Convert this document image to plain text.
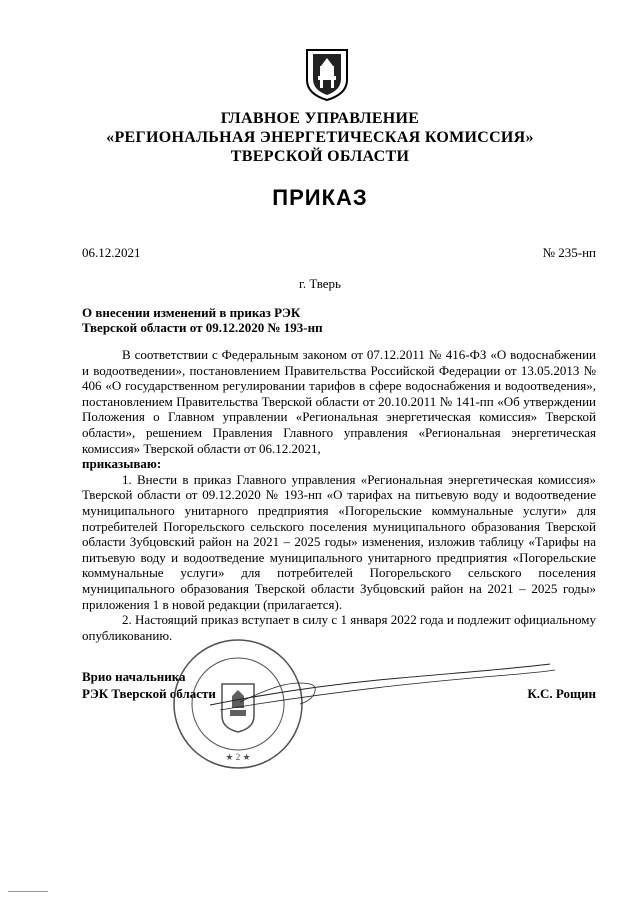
ГЛАВНОЕ УПРАВЛЕНИЕ
«РЕГИОНАЛЬНАЯ ЭНЕРГЕТИЧЕСКАЯ КОМИССИЯ»
ТВЕРСКОЙ ОБЛАСТИ
ПРИКАЗ
06.12.2021	№ 235-нп
г. Тверь
О внесении изменений в приказ РЭК
Тверской области от 09.12.2020 № 193-нп

В соответствии с Федеральным законом от 07.12.2011 № 416-ФЗ «О водоснабжении и водоотведении», постановлением Правительства Российской Федерации от 13.05.2013 № 406 «О государственном регулировании тарифов в сфере водоснабжения и водоотведения», постановлением Правительства Тверской области от 20.10.2011 № 141-пп «Об утверждении Положения о Главном управлении «Региональная энергетическая комиссия» Тверской области», решением Правления Главного управления «Региональная энергетическая комиссия» Тверской области от 06.12.2021,

приказываю:

1. Внести в приказ Главного управления «Региональная энергетическая комиссия» Тверской области от 09.12.2020 № 193-нп «О тарифах на питьевую воду и водоотведение муниципального унитарного предприятия «Погорельские коммунальные услуги» для потребителей Погорельского сельского поселения муниципального образования Тверской области Зубцовский район на 2021 – 2025 годы» изменения, изложив таблицу «Тарифы на питьевую воду и водоотведение муниципального унитарного предприятия «Погорельские коммунальные услуги» для потребителей Погорельского сельского поселения муниципального образования Тверской области Зубцовский район на 2021 – 2025 годы» приложения 1 в новой редакции (прилагается).

2. Настоящий приказ вступает в силу с 1 января 2022 года и подлежит официальному опубликованию.

Врио начальника
РЭК Тверской области	К.С. Рощин
★ 2 ★
